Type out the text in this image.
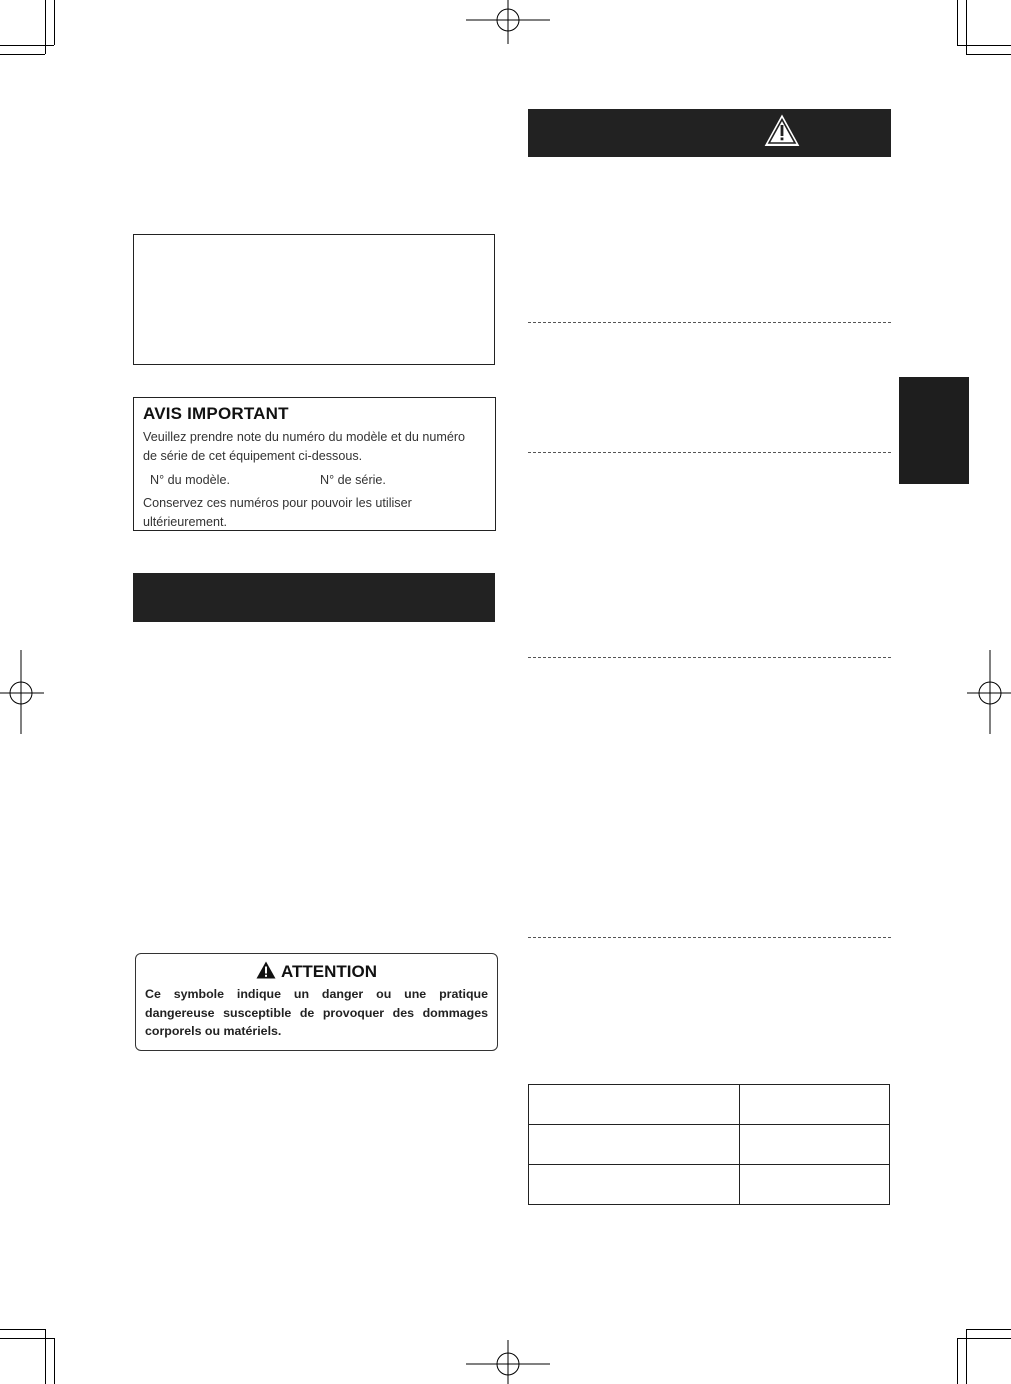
AVIS IMPORTANT
Veuillez prendre note du numéro du modèle et du numéro
de série de cet équipement ci-dessous.
N° du modèle.	N° de série.
Conservez ces numéros pour pouvoir les utiliser
ultérieurement.
ATTENTION
Ce symbole indique un danger ou une pratique dangereuse susceptible de provoquer des dommages corporels ou matériels.
